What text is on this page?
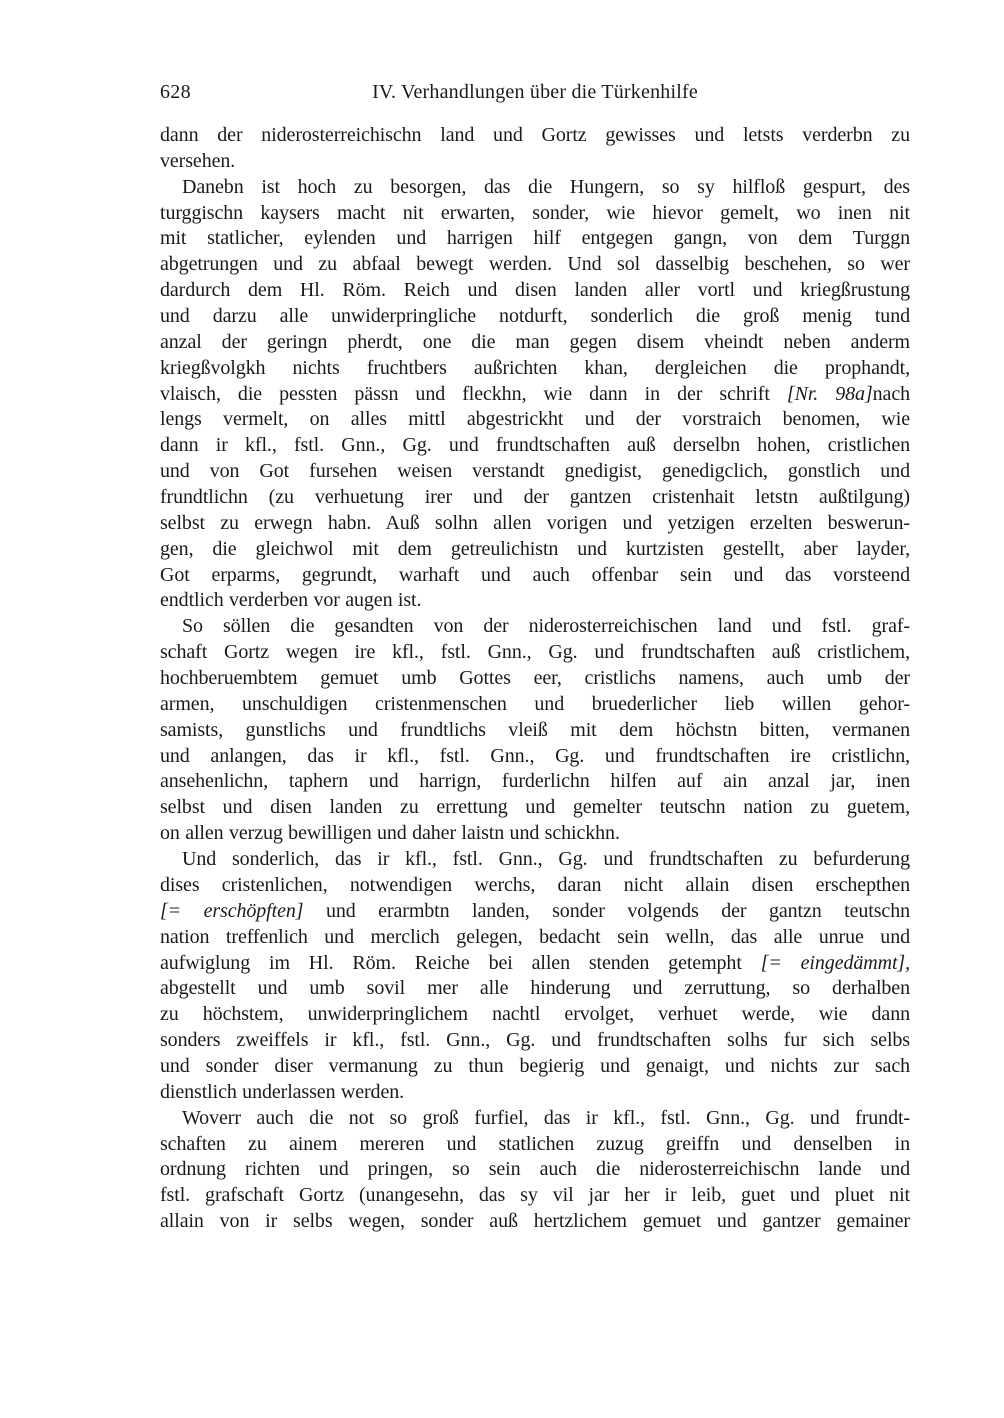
628	IV. Verhandlungen über die Türkenhilfe
dann der niderosterreichischn land und Gortz gewisses und letsts verderbn zu
versehen.
Danebn ist hoch zu besorgen, das die Hungern, so sy hilfloß gespurt, des
turggischn kaysers macht nit erwarten, sonder, wie hievor gemelt, wo inen nit
mit statlicher, eylenden und harrigen hilf entgegen gangn, von dem Turggn
abgetrungen und zu abfaal bewegt werden. Und sol dasselbig beschehen, so wer
dardurch dem Hl. Röm. Reich und disen landen aller vortl und kriegßrustung
und darzu alle unwiderpringliche notdurft, sonderlich die groß menig tund
anzal der geringn pherdt, one die man gegen disem vheindt neben anderm
kriegßvolgkh nichts fruchtbers außrichten khan, dergleichen die prophandt,
vlaisch, die pessten pässn und fleckhn, wie dann in der schrift [Nr. 98a]nach
lengs vermelt, on alles mittl abgestrickht und der vorstraich benomen, wie
dann ir kfl., fstl. Gnn., Gg. und frundtschaften auß derselbn hohen, cristlichen
und von Got fursehen weisen verstandt gnedigist, genedigclich, gonstlich und
frundtlichn (zu verhuetung irer und der gantzen cristenhait letstn außtilgung)
selbst zu erwegn habn. Auß solhn allen vorigen und yetzigen erzelten beswerun-
gen, die gleichwol mit dem getreulichistn und kurtzisten gestellt, aber layder,
Got erparms, gegrundt, warhaft und auch offenbar sein und das vorsteend
endtlich verderben vor augen ist.
So söllen die gesandten von der niderosterreichischen land und fstl. graf-
schaft Gortz wegen ire kfl., fstl. Gnn., Gg. und frundtschaften auß cristlichem,
hochberuembtem gemuet umb Gottes eer, cristlichs namens, auch umb der
armen, unschuldigen cristenmenschen und bruederlicher lieb willen gehor-
samists, gunstlichs und frundtlichs vleiß mit dem höchstn bitten, vermanen
und anlangen, das ir kfl., fstl. Gnn., Gg. und frundtschaften ire cristlichn,
ansehenlichn, taphern und harrign, furderlichn hilfen auf ain anzal jar, inen
selbst und disen landen zu errettung und gemelter teutschn nation zu guetem,
on allen verzug bewilligen und daher laistn und schickhn.
Und sonderlich, das ir kfl., fstl. Gnn., Gg. und frundtschaften zu befurderung
dises cristenlichen, notwendigen werchs, daran nicht allain disen erschepthen
[= erschöpften] und erarmbtn landen, sonder volgends der gantzn teutschn
nation treffenlich und merclich gelegen, bedacht sein welln, das alle unrue und
aufwiglung im Hl. Röm. Reiche bei allen stenden getempht [= eingedämmt],
abgestellt und umb sovil mer alle hinderung und zerruttung, so derhalben
zu höchstem, unwiderpringlichem nachtl ervolget, verhuet werde, wie dann
sonders zweiffels ir kfl., fstl. Gnn., Gg. und frundtschaften solhs fur sich selbs
und sonder diser vermanung zu thun begierig und genaigt, und nichts zur sach
dienstlich underlassen werden.
Woverr auch die not so groß furfiel, das ir kfl., fstl. Gnn., Gg. und frundt-
schaften zu ainem mereren und statlichen zuzug greiffn und denselben in
ordnung richten und pringen, so sein auch die niderosterreichischn lande und
fstl. grafschaft Gortz (unangesehn, das sy vil jar her ir leib, guet und pluet nit
allain von ir selbs wegen, sonder auß hertzlichem gemuet und gantzer gemainer
